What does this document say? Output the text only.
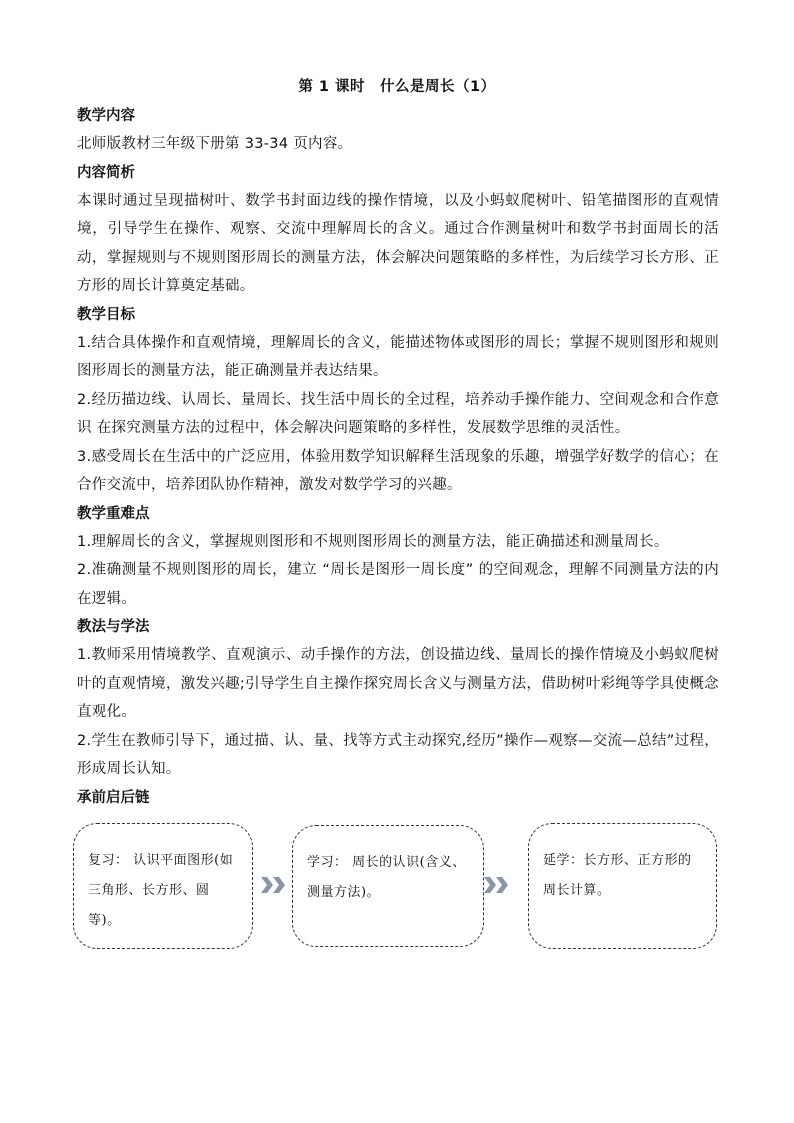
第 1 课时　什么是周长（1）
教学内容

北师版教材三年级下册第 33-34 页内容。

内容简析

本课时通过呈现描树叶、数学书封面边线的操作情境，以及小蚂蚁爬树叶、铅笔描图形的直观情境，引导学生在操作、观察、交流中理解周长的含义。通过合作测量树叶和数学书封面周长的活动，掌握规则与不规则图形周长的测量方法，体会解决问题策略的多样性，为后续学习长方形、正方形的周长计算奠定基础。

教学目标

1.结合具体操作和直观情境，理解周长的含义，能描述物体或图形的周长；掌握不规则图形和规则图形周长的测量方法，能正确测量并表达结果。

2.经历描边线、认周长、量周长、找生活中周长的全过程，培养动手操作能力、空间观念和合作意识 在探究测量方法的过程中，体会解决问题策略的多样性，发展数学思维的灵活性。

3.感受周长在生活中的广泛应用，体验用数学知识解释生活现象的乐趣，增强学好数学的信心；在合作交流中，培养团队协作精神，激发对数学学习的兴趣。

教学重难点

1.理解周长的含义，掌握规则图形和不规则图形周长的测量方法，能正确描述和测量周长。

2.准确测量不规则图形的周长，建立 “周长是图形一周长度” 的空间观念，理解不同测量方法的内在逻辑。

教法与学法

1.教师采用情境教学、直观演示、动手操作的方法，创设描边线、量周长的操作情境及小蚂蚁爬树叶的直观情境，激发兴趣;引导学生自主操作探究周长含义与测量方法，借助树叶彩绳等学具使概念直观化。

2.学生在教师引导下，通过描、认、量、找等方式主动探究,经历”操作—观察—交流—总结”过程，形成周长认知。

承前启后链
复习： 认识平面图形(如三角形、长方形、圆等)。
学习： 周长的认识(含义、测量方法)。
延学：长方形、正方形的周长计算。
